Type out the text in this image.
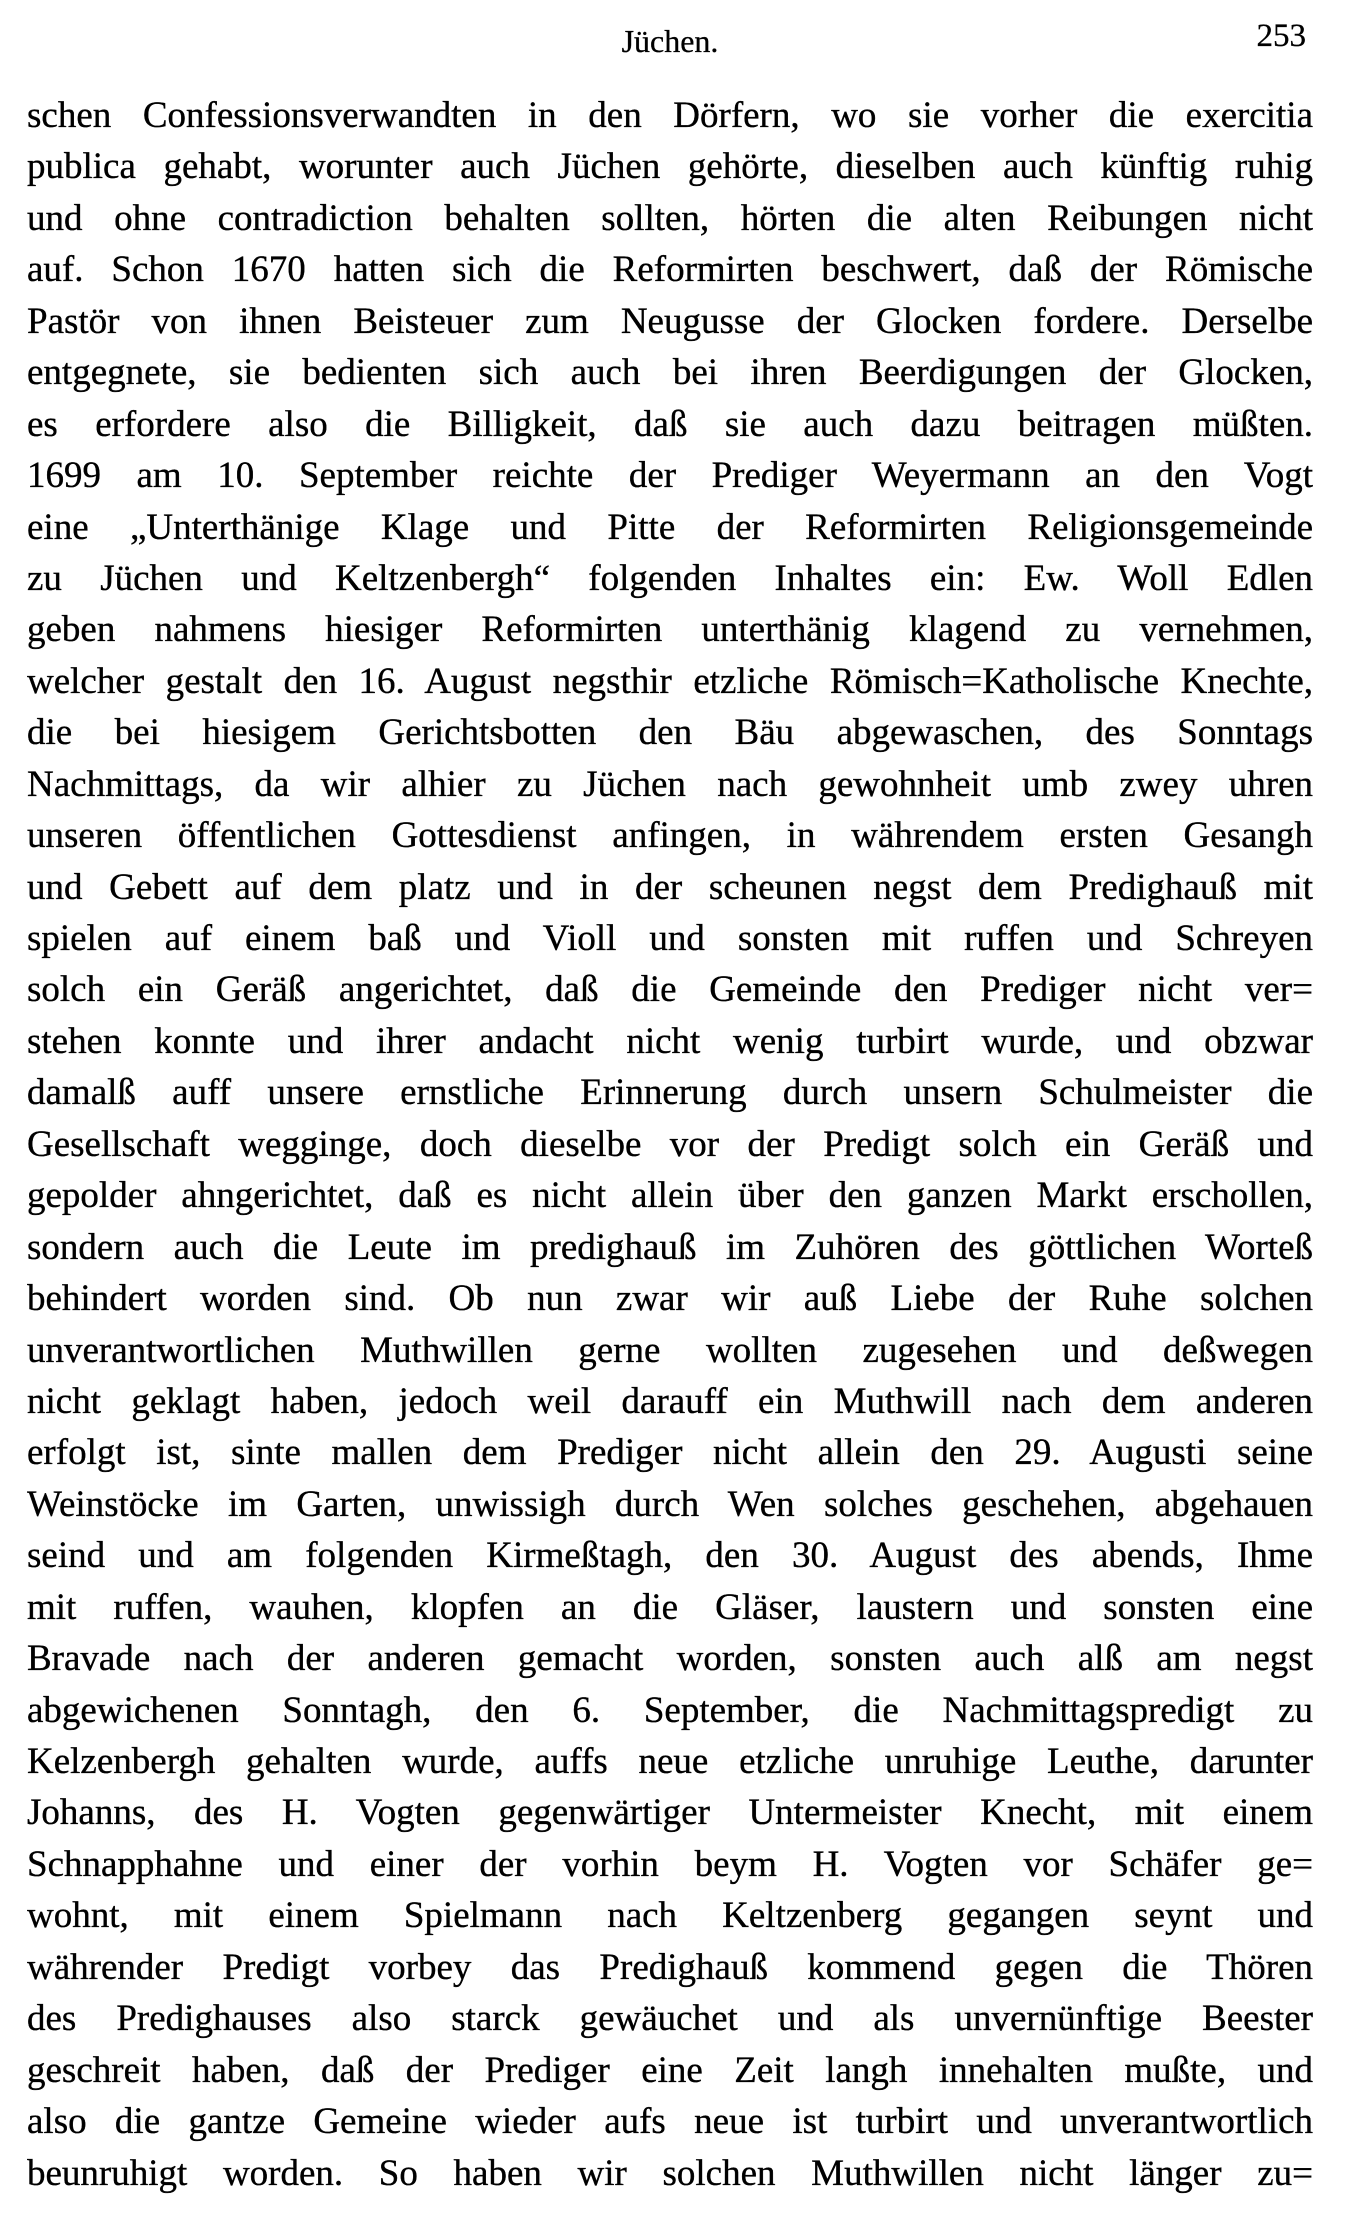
Jüchen.	253
schen Confessionsverwandten in den Dörfern, wo sie vorher die exercitia
publica gehabt, worunter auch Jüchen gehörte, dieselben auch künftig ruhig
und ohne contradiction behalten sollten, hörten die alten Reibungen nicht
auf. Schon 1670 hatten sich die Reformirten beschwert, daß der Römische
Pastör von ihnen Beisteuer zum Neugusse der Glocken fordere. Derselbe
entgegnete, sie bedienten sich auch bei ihren Beerdigungen der Glocken,
es erfordere also die Billigkeit, daß sie auch dazu beitragen müßten.
1699 am 10. September reichte der Prediger Weyermann an den Vogt
eine „Unterthänige Klage und Pitte der Reformirten Religionsgemeinde
zu Jüchen und Keltzenbergh“ folgenden Inhaltes ein: Ew. Woll Edlen
geben nahmens hiesiger Reformirten unterthänig klagend zu vernehmen,
welcher gestalt den 16. August negsthir etzliche Römisch=Katholische Knechte,
die bei hiesigem Gerichtsbotten den Bäu abgewaschen, des Sonntags
Nachmittags, da wir alhier zu Jüchen nach gewohnheit umb zwey uhren
unseren öffentlichen Gottesdienst anfingen, in währendem ersten Gesangh
und Gebett auf dem platz und in der scheunen negst dem Predighauß mit
spielen auf einem baß und Violl und sonsten mit ruffen und Schreyen
solch ein Geräß angerichtet, daß die Gemeinde den Prediger nicht ver=
stehen konnte und ihrer andacht nicht wenig turbirt wurde, und obzwar
damalß auff unsere ernstliche Erinnerung durch unsern Schulmeister die
Gesellschaft wegginge, doch dieselbe vor der Predigt solch ein Geräß und
gepolder ahngerichtet, daß es nicht allein über den ganzen Markt erschollen,
sondern auch die Leute im predighauß im Zuhören des göttlichen Worteß
behindert worden sind. Ob nun zwar wir auß Liebe der Ruhe solchen
unverantwortlichen Muthwillen gerne wollten zugesehen und deßwegen
nicht geklagt haben, jedoch weil darauff ein Muthwill nach dem anderen
erfolgt ist, sinte mallen dem Prediger nicht allein den 29. Augusti seine
Weinstöcke im Garten, unwissigh durch Wen solches geschehen, abgehauen
seind und am folgenden Kirmeßtagh, den 30. August des abends, Ihme
mit ruffen, wauhen, klopfen an die Gläser, laustern und sonsten eine
Bravade nach der anderen gemacht worden, sonsten auch alß am negst
abgewichenen Sonntagh, den 6. September, die Nachmittagspredigt zu
Kelzenbergh gehalten wurde, auffs neue etzliche unruhige Leuthe, darunter
Johanns, des H. Vogten gegenwärtiger Untermeister Knecht, mit einem
Schnapphahne und einer der vorhin beym H. Vogten vor Schäfer ge=
wohnt, mit einem Spielmann nach Keltzenberg gegangen seynt und
währender Predigt vorbey das Predighauß kommend gegen die Thören
des Predighauses also starck gewäuchet und als unvernünftige Beester
geschreit haben, daß der Prediger eine Zeit langh innehalten mußte, und
also die gantze Gemeine wieder aufs neue ist turbirt und unverantwortlich
beunruhigt worden. So haben wir solchen Muthwillen nicht länger zu=
